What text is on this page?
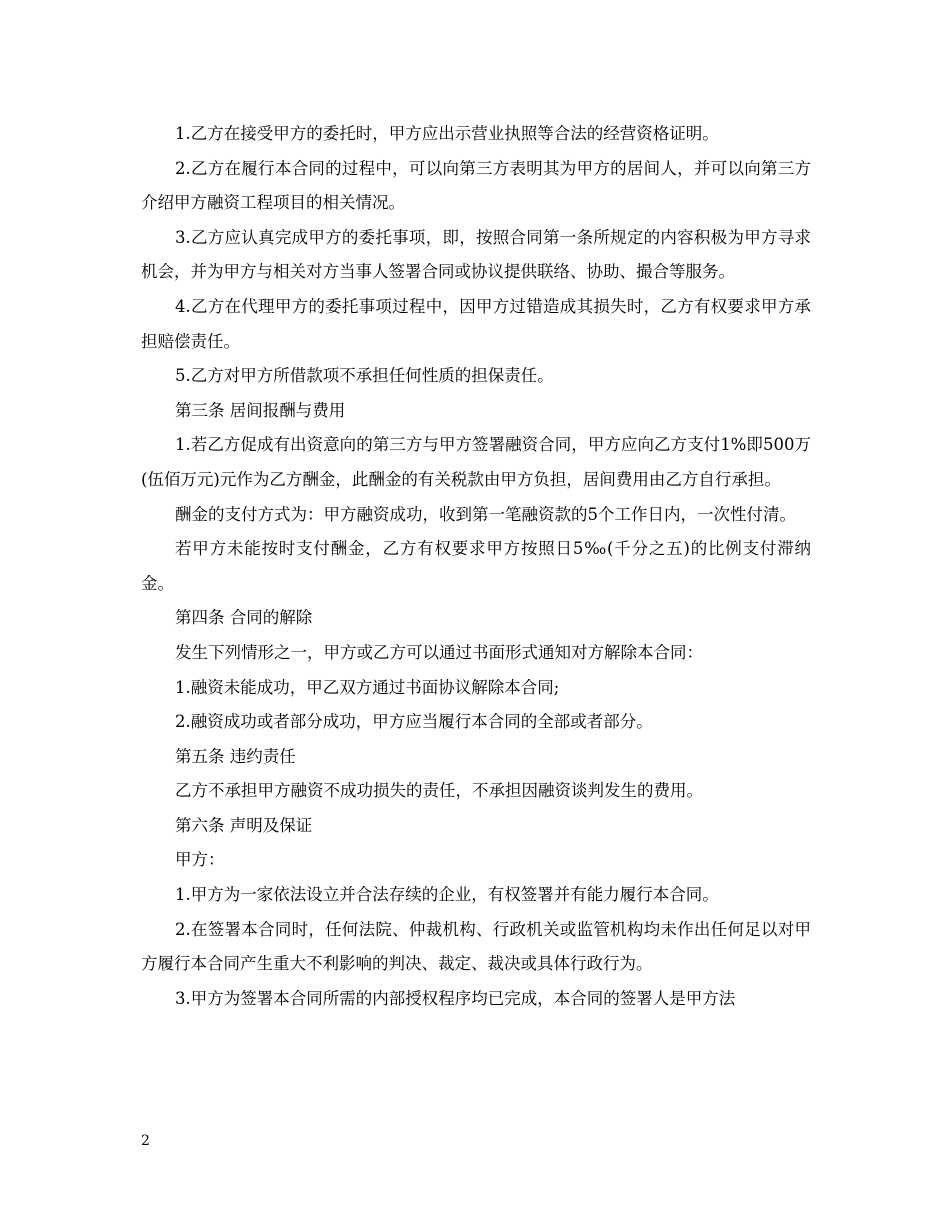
1.乙方在接受甲方的委托时，甲方应出示营业执照等合法的经营资格证明。

2.乙方在履行本合同的过程中，可以向第三方表明其为甲方的居间人，并可以向第三方介绍甲方融资工程项目的相关情况。

3.乙方应认真完成甲方的委托事项，即，按照合同第一条所规定的内容积极为甲方寻求机会，并为甲方与相关对方当事人签署合同或协议提供联络、协助、撮合等服务。

4.乙方在代理甲方的委托事项过程中，因甲方过错造成其损失时，乙方有权要求甲方承担赔偿责任。

5.乙方对甲方所借款项不承担任何性质的担保责任。

第三条 居间报酬与费用

1.若乙方促成有出资意向的第三方与甲方签署融资合同，甲方应向乙方支付1%即500万(伍佰万元)元作为乙方酬金，此酬金的有关税款由甲方负担，居间费用由乙方自行承担。

酬金的支付方式为：甲方融资成功，收到第一笔融资款的5个工作日内，一次性付清。

若甲方未能按时支付酬金，乙方有权要求甲方按照日5‰(千分之五)的比例支付滞纳金。

第四条 合同的解除

发生下列情形之一，甲方或乙方可以通过书面形式通知对方解除本合同：

1.融资未能成功，甲乙双方通过书面协议解除本合同;

2.融资成功或者部分成功，甲方应当履行本合同的全部或者部分。

第五条 违约责任

乙方不承担甲方融资不成功损失的责任，不承担因融资谈判发生的费用。

第六条 声明及保证

甲方：

1.甲方为一家依法设立并合法存续的企业，有权签署并有能力履行本合同。

2.在签署本合同时，任何法院、仲裁机构、行政机关或监管机构均未作出任何足以对甲方履行本合同产生重大不利影响的判决、裁定、裁决或具体行政行为。

3.甲方为签署本合同所需的内部授权程序均已完成，本合同的签署人是甲方法

2
